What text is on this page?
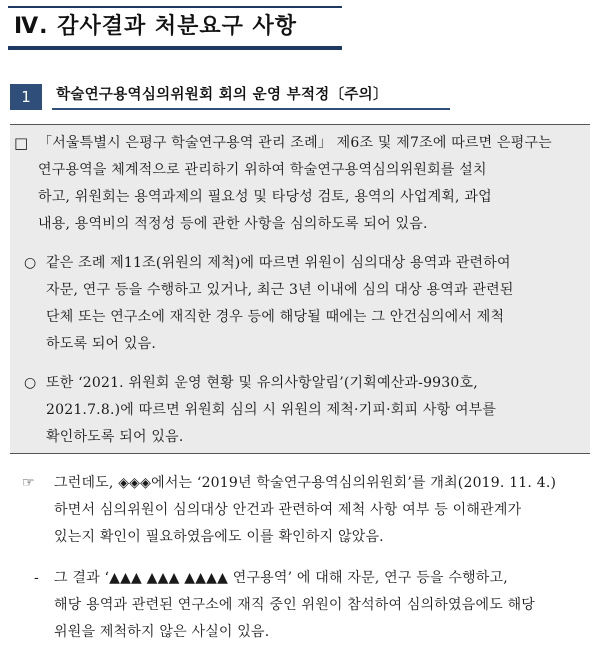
Ⅳ. 감사결과 처분요구 사항
1	학술연구용역심의위원회 회의 운영 부적정〔주의〕
□ 「서울특별시 은평구 학술연구용역 관리 조례」 제6조 및 제7조에 따르면 은평구는
연구용역을 체계적으로 관리하기 위하여 학술연구용역심의위원회를 설치
하고, 위원회는 용역과제의 필요성 및 타당성 검토, 용역의 사업계획, 과업
내용, 용역비의 적정성 등에 관한 사항을 심의하도록 되어 있음.
○ 같은 조례 제11조(위원의 제척)에 따르면 위원이 심의대상 용역과 관련하여
자문, 연구 등을 수행하고 있거나, 최근 3년 이내에 심의 대상 용역과 관련된
단체 또는 연구소에 재직한 경우 등에 해당될 때에는 그 안건심의에서 제척
하도록 되어 있음.
○ 또한 ‘2021. 위원회 운영 현황 및 유의사항알림’(기획예산과-9930호,
2021.7.8.)에 따르면 위원회 심의 시 위원의 제척·기피·회피 사항 여부를
확인하도록 되어 있음.
☞	그런데도, ◈◈◈에서는 ‘2019년 학술연구용역심의위원회’를 개최(2019. 11. 4.)
하면서 심의위원이 심의대상 안건과 관련하여 제척 사항 여부 등 이해관계가
있는지 확인이 필요하였음에도 이를 확인하지 않았음.
-	그 결과 ‘▲▲▲ ▲▲▲ ▲▲▲▲ 연구용역’ 에 대해 자문, 연구 등을 수행하고,
해당 용역과 관련된 연구소에 재직 중인 위원이 참석하여 심의하였음에도 해당
위원을 제척하지 않은 사실이 있음.
